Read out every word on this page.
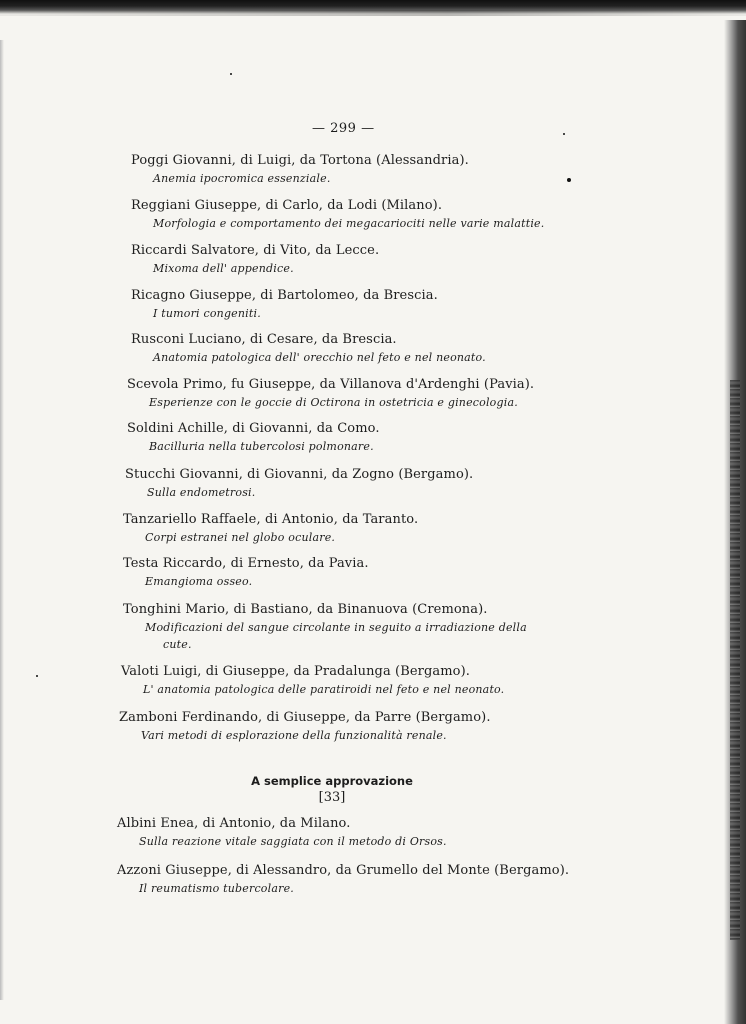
— 299 —
Poggi Giovanni, di Luigi, da Tortona (Alessandria).
Anemia ipocromica essenziale.
Reggiani Giuseppe, di Carlo, da Lodi (Milano).
Morfologia e comportamento dei megacariociti nelle varie malattie.
Riccardi Salvatore, di Vito, da Lecce.
Mixoma dell' appendice.
Ricagno Giuseppe, di Bartolomeo, da Brescia.
I tumori congeniti.
Rusconi Luciano, di Cesare, da Brescia.
Anatomia patologica dell' orecchio nel feto e nel neonato.
Scevola Primo, fu Giuseppe, da Villanova d'Ardenghi (Pavia).
Esperienze con le goccie di Octirona in ostetricia e ginecologia.
Soldini Achille, di Giovanni, da Como.
Bacilluria nella tubercolosi polmonare.
Stucchi Giovanni, di Giovanni, da Zogno (Bergamo).
Sulla endometrosi.
Tanzariello Raffaele, di Antonio, da Taranto.
Corpi estranei nel globo oculare.
Testa Riccardo, di Ernesto, da Pavia.
Emangioma osseo.
Tonghini Mario, di Bastiano, da Binanuova (Cremona).
Modificazioni del sangue circolante in seguito a irradiazione della
cute.
Valoti Luigi, di Giuseppe, da Pradalunga (Bergamo).
L' anatomia patologica delle paratiroidi nel feto e nel neonato.
Zamboni Ferdinando, di Giuseppe, da Parre (Bergamo).
Vari metodi di esplorazione della funzionalità renale.
A semplice approvazione
[33]
Albini Enea, di Antonio, da Milano.
Sulla reazione vitale saggiata con il metodo di Orsos.
Azzoni Giuseppe, di Alessandro, da Grumello del Monte (Bergamo).
Il reumatismo tubercolare.
